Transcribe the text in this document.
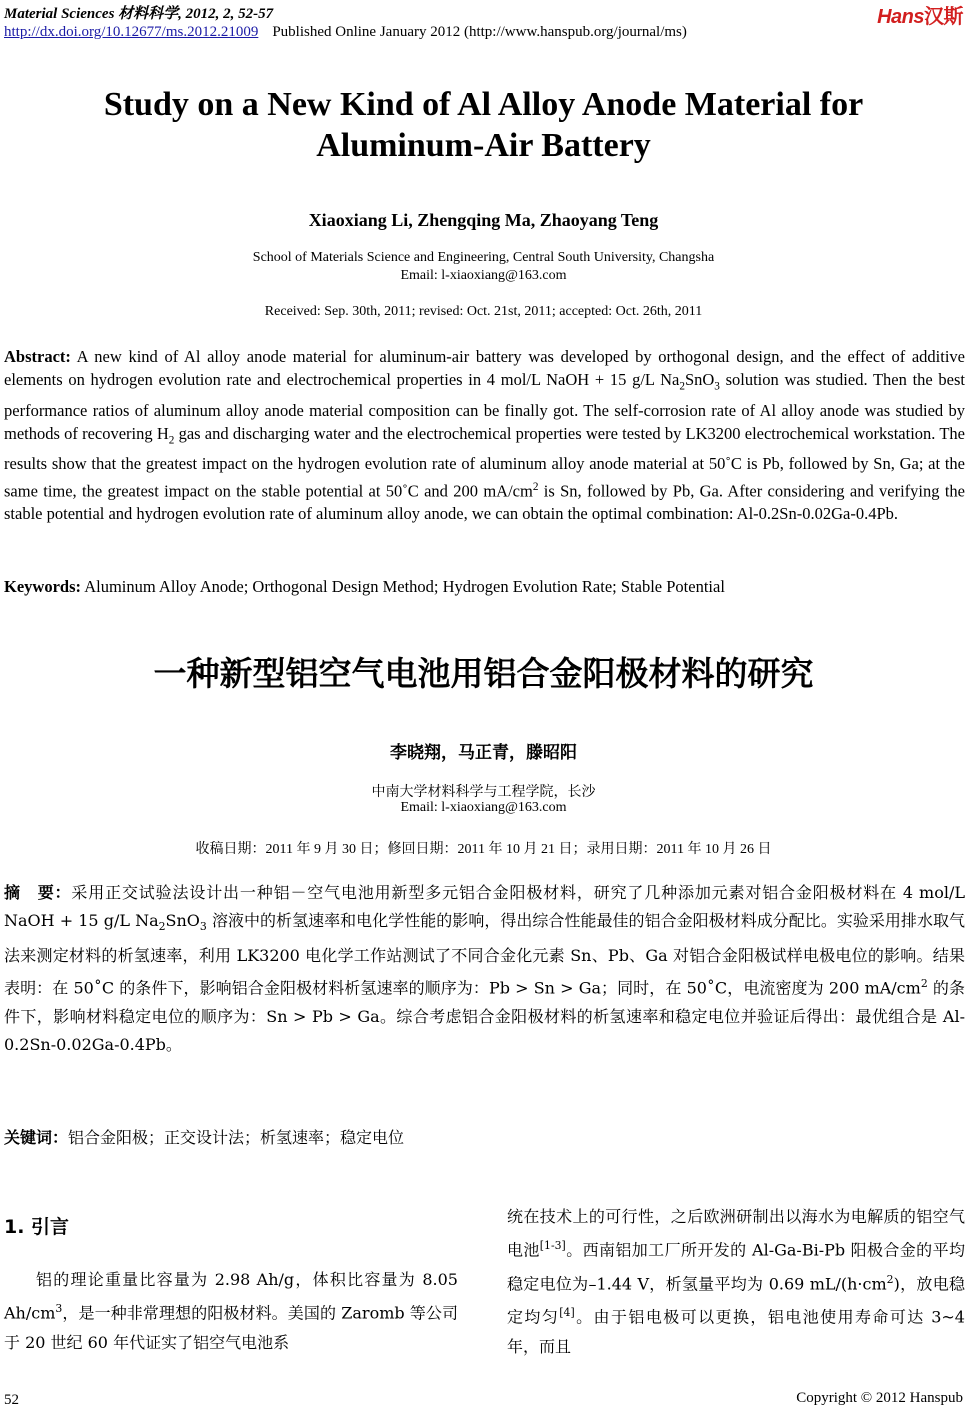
Material Sciences 材料科学, 2012, 2, 52-57
http://dx.doi.org/10.12677/ms.2012.21009 Published Online January 2012 (http://www.hanspub.org/journal/ms)
Hans汉斯
Study on a New Kind of Al Alloy Anode Material for
Aluminum-Air Battery
Xiaoxiang Li, Zhengqing Ma, Zhaoyang Teng
School of Materials Science and Engineering, Central South University, Changsha
Email: l-xiaoxiang@163.com
Received: Sep. 30th, 2011; revised: Oct. 21st, 2011; accepted: Oct. 26th, 2011
Abstract: A new kind of Al alloy anode material for aluminum-air battery was developed by orthogonal design, and the effect of additive elements on hydrogen evolution rate and electrochemical properties in 4 mol/L NaOH + 15 g/L $Na_2SnO_3$ solution was studied. Then the best performance ratios of aluminum alloy anode material composition can be finally got. The self-corrosion rate of Al alloy anode was studied by methods of recovering $H_2$ gas and discharging water and the electrochemical properties were tested by LK3200 electrochemical workstation. The results show that the greatest impact on the hydrogen evolution rate of aluminum alloy anode material at 50˚C is Pb, followed by Sn, Ga; at the same time, the greatest impact on the stable potential at 50˚C and 200 $mA/cm^2$ is Sn, followed by Pb, Ga. After considering and verifying the stable potential and hydrogen evolution rate of aluminum alloy anode, we can obtain the optimal combination: Al-0.2Sn-0.02Ga-0.4Pb.
Keywords: Aluminum Alloy Anode; Orthogonal Design Method; Hydrogen Evolution Rate; Stable Potential
一种新型铝空气电池用铝合金阳极材料的研究
李晓翔，马正青，滕昭阳
中南大学材料科学与工程学院，长沙
Email: l-xiaoxiang@163.com
收稿日期：2011 年 9 月 30 日；修回日期：2011 年 10 月 21 日；录用日期：2011 年 10 月 26 日
摘　要：采用正交试验法设计出一种铝－空气电池用新型多元铝合金阳极材料，研究了几种添加元素对铝合金阳极材料在 4 mol/L NaOH + 15 g/L $Na_2SnO_3$ 溶液中的析氢速率和电化学性能的影响，得出综合性能最佳的铝合金阳极材料成分配比。实验采用排水取气法来测定材料的析氢速率，利用 LK3200 电化学工作站测试了不同合金化元素 Sn、Pb、Ga 对铝合金阳极试样电极电位的影响。结果表明：在 50˚C 的条件下，影响铝合金阳极材料析氢速率的顺序为：Pb > Sn > Ga；同时，在 50˚C，电流密度为 200 $mA/cm^2$ 的条件下，影响材料稳定电位的顺序为：Sn > Pb > Ga。综合考虑铝合金阳极材料的析氢速率和稳定电位并验证后得出：最优组合是 Al-0.2Sn-0.02Ga-0.4Pb。
关键词：铝合金阳极；正交设计法；析氢速率；稳定电位
1. 引言
铝的理论重量比容量为 2.98 Ah/g，体积比容量为 8.05 $Ah/cm^3$，是一种非常理想的阳极材料。美国的 Zaromb 等公司于 20 世纪 60 年代证实了铝空气电池系
统在技术上的可行性，之后欧洲研制出以海水为电解质的铝空气电池[1-3]。西南铝加工厂所开发的 Al-Ga-Bi-Pb 阳极合金的平均稳定电位为–1.44 V，析氢量平均为 0.69 $mL/(h\cdot cm^2)$，放电稳定均匀[4]。由于铝电极可以更换，铝电池使用寿命可达 3~4 年，而且
52	Copyright © 2012 Hanspub
